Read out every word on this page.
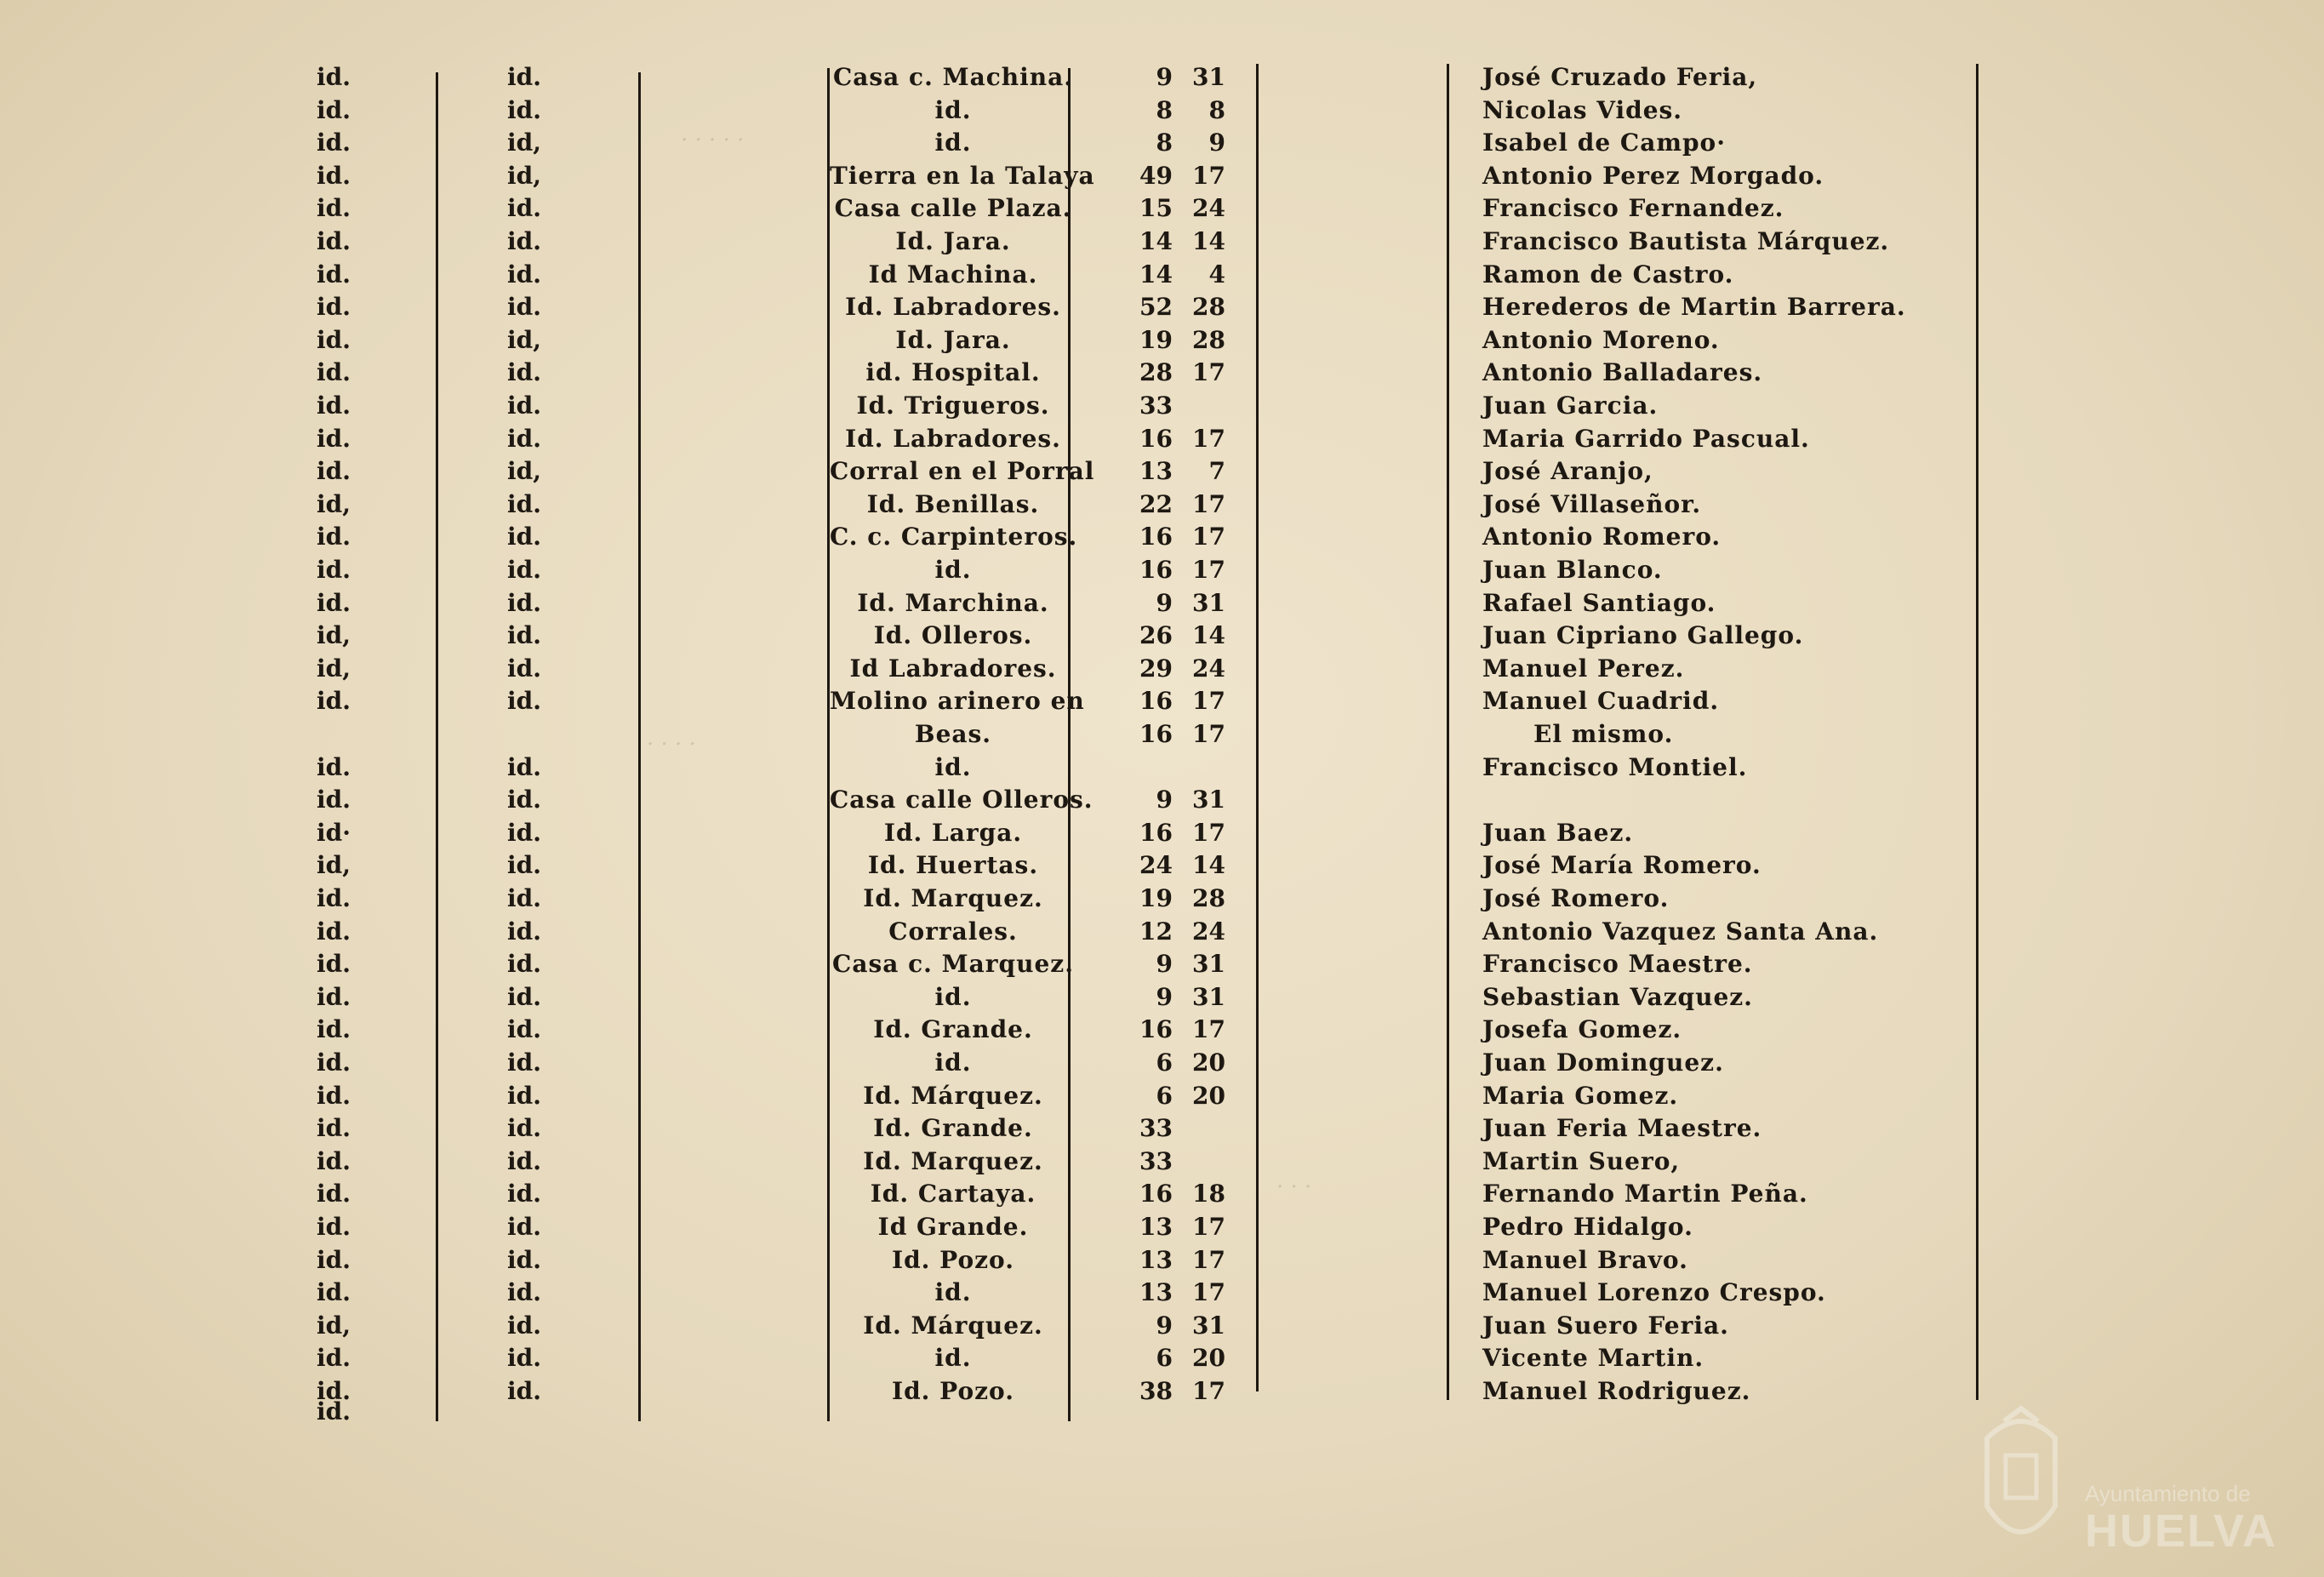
· · · · ·
· · · ·
· · ·
id.	id.	Casa c. Machina.	9 31	José Cruzado Feria,
id.	id.	id.	8	8	Nicolas Vides.
id.	id,	id.	8	9	Isabel de Campo·
id.	id,	Tierra en la Talaya	49 17	Antonio Perez Morgado.
id.	id.	Casa calle Plaza.	15 24	Francisco Fernandez.
id.	id.	Id. Jara.	14 14	Francisco Bautista Márquez.
id.	id.	Id Machina.	14	4	Ramon de Castro.
id.	id.	Id. Labradores.	52 28	Herederos de Martin Barrera.
id.	id,	Id. Jara.	19 28	Antonio Moreno.
id.	id.	id. Hospital.	28 17	Antonio Balladares.
id.	id.	Id. Trigueros.	33	Juan Garcia.
id.	id.	Id. Labradores.	16 17	Maria Garrido Pascual.
id.	id,	Corral en el Porral	13	7	José Aranjo,
id,	id.	Id. Benillas.	22 17	José Villaseñor.
id.	id.	C. c. Carpinteros.	16 17	Antonio Romero.
id.	id.	id.	16 17	Juan Blanco.
id.	id.	Id. Marchina.	9 31	Rafael Santiago.
id,	id.	Id. Olleros.	26 14	Juan Cipriano Gallego.
id,	id.	Id Labradores.	29 24	Manuel Perez.
id.	id.	Molino arinero en	16 17	Manuel Cuadrid.
Beas.	16 17	El mismo.
id.	id.	id.	Francisco Montiel.
id.	id.	Casa calle Olleros.	9 31
id·	id.	Id. Larga.	16 17	Juan Baez.
id,	id.	Id. Huertas.	24 14	José María Romero.
id.	id.	Id. Marquez.	19 28	José Romero.
id.	id.	Corrales.	12 24	Antonio Vazquez Santa Ana.
id.	id.	Casa c. Marquez.	9 31	Francisco Maestre.
id.	id.	id.	9 31	Sebastian Vazquez.
id.	id.	Id. Grande.	16 17	Josefa Gomez.
id.	id.	id.	6 20	Juan Dominguez.
id.	id.	Id. Márquez.	6 20	Maria Gomez.
id.	id.	Id. Grande.	33	Juan Feria Maestre.
id.	id.	Id. Marquez.	33	Martin Suero,
id.	id.	Id. Cartaya.	16 18	Fernando Martin Peña.
id.	id.	Id Grande.	13 17	Pedro Hidalgo.
id.	id.	Id. Pozo.	13 17	Manuel Bravo.
id.	id.	id.	13 17	Manuel Lorenzo Crespo.
id,	id.	Id. Márquez.	9 31	Juan Suero Feria.
id.	id.	id.	6 20	Vicente Martin.
id.	id.	Id. Pozo.	38 17	Manuel Rodriguez.
id.
Ayuntamiento de
HUELVA
